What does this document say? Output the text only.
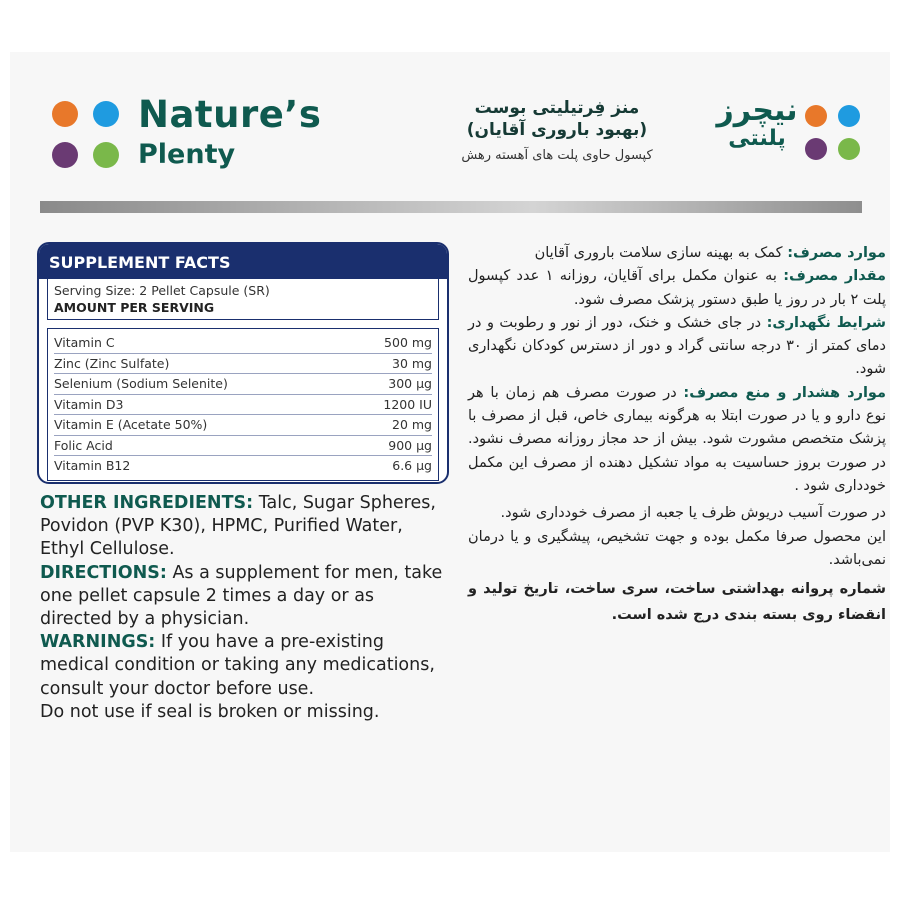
Nature’s
Plenty
نیچرز
پلنتی
منز فِرتیلیتی بوست
(بهبود باروری آقایان)
کپسول حاوی پلت های آهسته رهش
SUPPLEMENT FACTS
Serving Size: 2 Pellet Capsule (SR)
AMOUNT PER SERVING
Vitamin C	500 mg
Zinc (Zinc Sulfate)	30 mg
Selenium (Sodium Selenite)	300 µg
Vitamin D3	1200 IU
Vitamin E (Acetate 50%)	20 mg
Folic Acid	900 µg
Vitamin B12	6.6 µg
OTHER INGREDIENTS: Talc, Sugar Spheres, Povidon (PVP K30), HPMC, Purified Water, Ethyl Cellulose.
DIRECTIONS: As a supplement for men, take one pellet capsule 2 times a day or as directed by a physician.
WARNINGS: If you have a pre-existing medical condition or taking any medications, consult your doctor before use.
Do not use if seal is broken or missing.

موارد مصرف: کمک به بهینه سازی سلامت باروری آقایان

مقدار مصرف: به عنوان مکمل برای آقایان، روزانه ۱ عدد کپسول پلت ۲ بار در روز یا طبق دستور پزشک مصرف شود.

شرایط نگهداری: در جای خشک و خنک، دور از نور و رطوبت و در دمای کمتر از ۳۰ درجه سانتی گراد و دور از دسترس کودکان نگهداری شود.

موارد هشدار و منع مصرف: در صورت مصرف هم زمان با هر نوع دارو و یا در صورت ابتلا به هرگونه بیماری خاص، قبل از مصرف با پزشک متخصص مشورت شود. بیش از حد مجاز روزانه مصرف نشود. در صورت بروز حساسیت به مواد تشکیل دهنده از مصرف این مکمل خودداری شود .

در صورت آسیب دریوش ظرف یا جعبه از مصرف خودداری شود.

این محصول صرفا مکمل بوده و جهت تشخیص، پیشگیری و یا درمان نمی‌باشد.

شماره پروانه بهداشتی ساخت، سری ساخت، تاریخ تولید و انقضاء روی بسته بندی درج شده است.
